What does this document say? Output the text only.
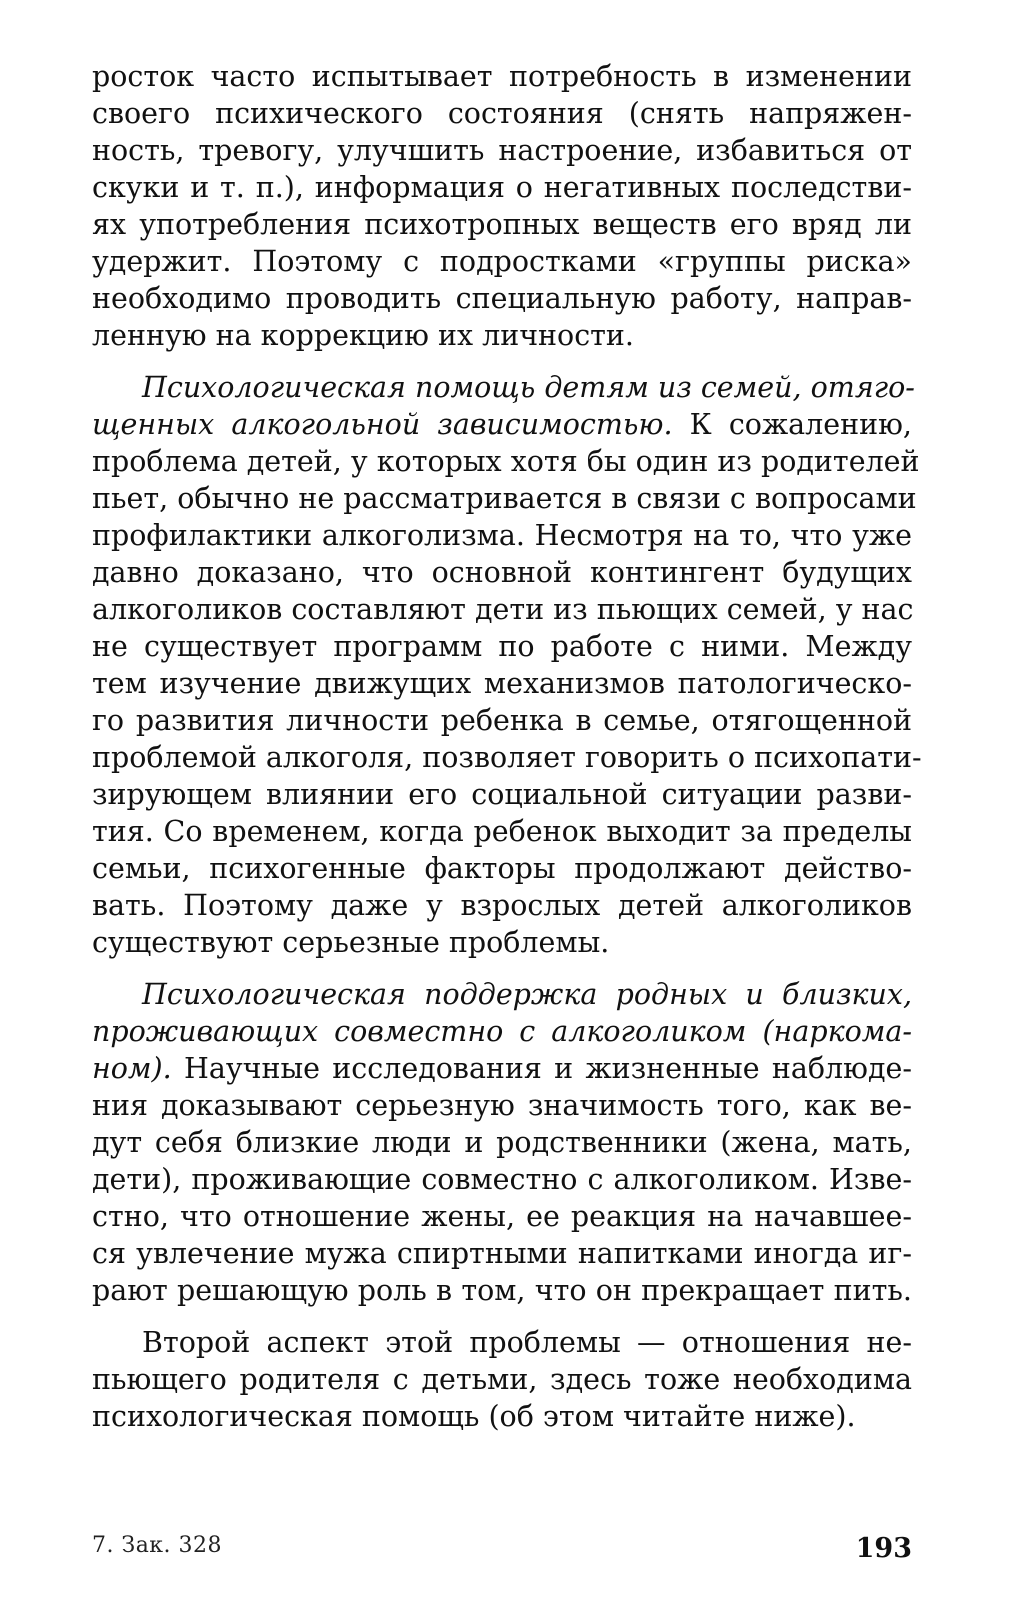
росток часто испытывает потребность в изменении
своего психического состояния (снять напряжен-
ность, тревогу, улучшить настроение, избавиться от
скуки и т. п.), информация о негативных последстви-
ях употребления психотропных веществ его вряд ли
удержит. Поэтому с подростками «группы риска»
необходимо проводить специальную работу, направ-
ленную на коррекцию их личности.
Психологическая помощь детям из семей, отяго-
щенных алкогольной зависимостью. К сожалению,
проблема детей, у которых хотя бы один из родителей
пьет, обычно не рассматривается в связи с вопросами
профилактики алкоголизма. Несмотря на то, что уже
давно доказано, что основной контингент будущих
алкоголиков составляют дети из пьющих семей, у нас
не существует программ по работе с ними. Между
тем изучение движущих механизмов патологическо-
го развития личности ребенка в семье, отягощенной
проблемой алкоголя, позволяет говорить о психопати-
зирующем влиянии его социальной ситуации разви-
тия. Со временем, когда ребенок выходит за пределы
семьи, психогенные факторы продолжают действо-
вать. Поэтому даже у взрослых детей алкоголиков
существуют серьезные проблемы.
Психологическая поддержка родных и близких,
проживающих совместно с алкоголиком (наркома-
ном). Научные исследования и жизненные наблюде-
ния доказывают серьезную значимость того, как ве-
дут себя близкие люди и родственники (жена, мать,
дети), проживающие совместно с алкоголиком. Изве-
стно, что отношение жены, ее реакция на начавшее-
ся увлечение мужа спиртными напитками иногда иг-
рают решающую роль в том, что он прекращает пить.
Второй аспект этой проблемы — отношения не-
пьющего родителя с детьми, здесь тоже необходима
психологическая помощь (об этом читайте ниже).
7. Зак. 328	193
